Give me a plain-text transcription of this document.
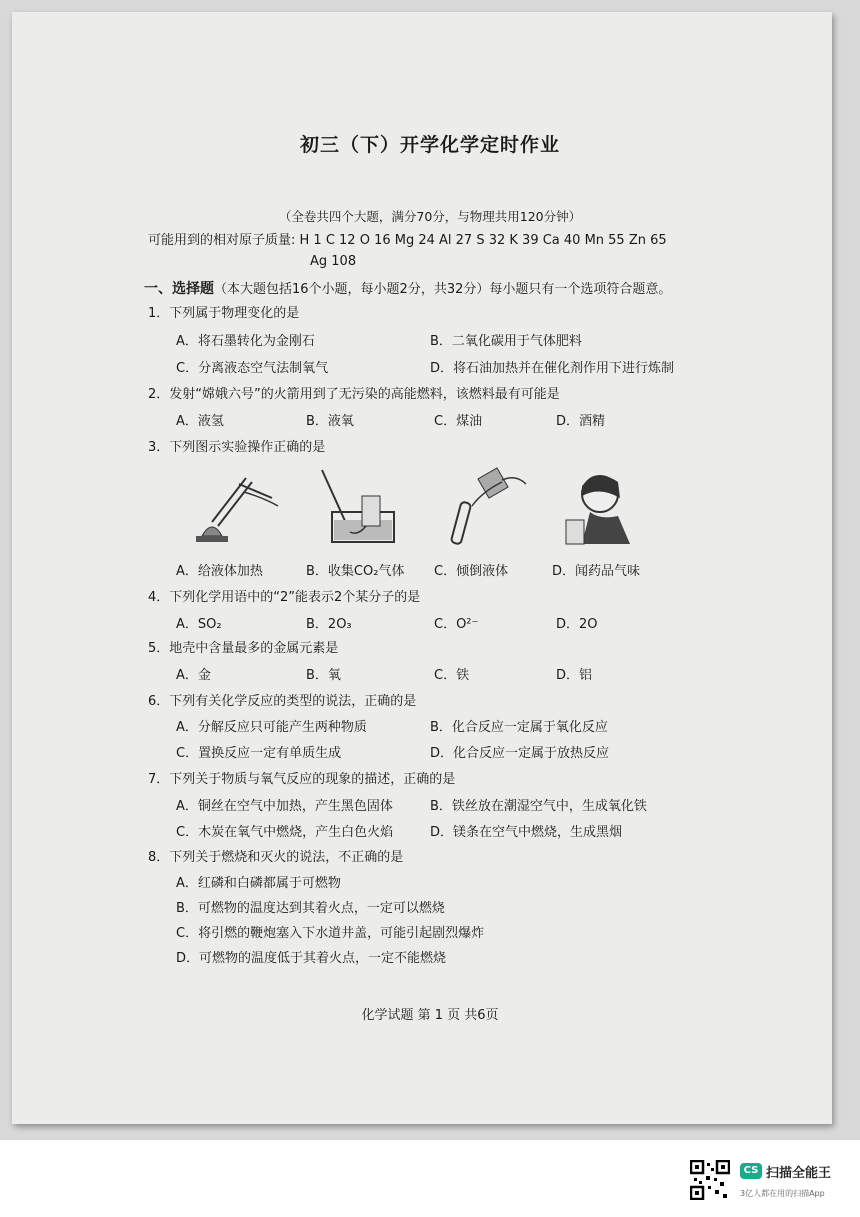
初三（下）开学化学定时作业
（全卷共四个大题，满分70分，与物理共用120分钟）
可能用到的相对原子质量: H 1 C 12 O 16 Mg 24 Al 27 S 32 K 39 Ca 40 Mn 55 Zn 65
Ag 108
一、选择题（本大题包括16个小题，每小题2分，共32分）每小题只有一个选项符合题意。
1．下列属于物理变化的是
A．将石墨转化为金刚石	B．二氧化碳用于气体肥料
C．分离液态空气法制氧气	D．将石油加热并在催化剂作用下进行炼制
2．发射“嫦娥六号”的火箭用到了无污染的高能燃料，该燃料最有可能是
A．液氢	B．液氧	C．煤油	D．酒精
3．下列图示实验操作正确的是
A．给液体加热	B．收集CO₂气体 C．倾倒液体	D．闻药品气味
4．下列化学用语中的“2”能表示2个某分子的是
A．SO₂	B．2O₃	C．O²⁻	D．2O
5．地壳中含量最多的金属元素是
A．金	B．氧	C．铁	D．铝
6．下列有关化学反应的类型的说法，正确的是
A．分解反应只可能产生两种物质	B．化合反应一定属于氧化反应
C．置换反应一定有单质生成	D．化合反应一定属于放热反应
7．下列关于物质与氧气反应的现象的描述，正确的是
A．铜丝在空气中加热，产生黑色固体	B．铁丝放在潮湿空气中，生成氧化铁
C．木炭在氧气中燃烧，产生白色火焰	D．镁条在空气中燃烧，生成黑烟
8．下列关于燃烧和灭火的说法，不正确的是
A．红磷和白磷都属于可燃物
B．可燃物的温度达到其着火点，一定可以燃烧
C．将引燃的鞭炮塞入下水道井盖，可能引起剧烈爆炸
D．可燃物的温度低于其着火点，一定不能燃烧
化学试题 第 1 页 共6页
CS 扫描全能王
3亿人都在用的扫描App
